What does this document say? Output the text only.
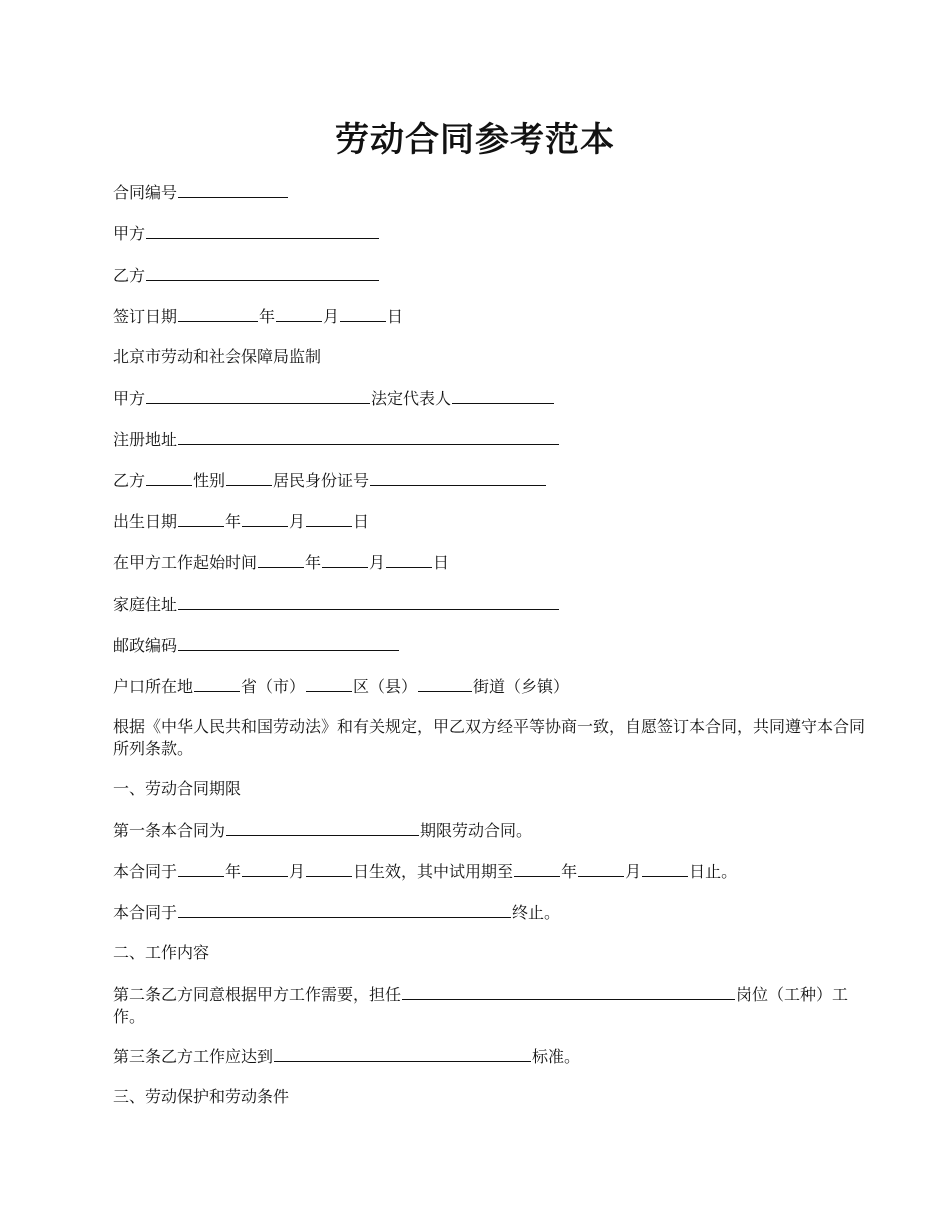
劳动合同参考范本
合同编号
甲方
乙方
签订日期	年	月	日
北京市劳动和社会保障局监制
甲方	法定代表人
注册地址
乙方	性别	居民身份证号
出生日期	年	月	日
在甲方工作起始时间	年	月	日
家庭住址
邮政编码
户口所在地	省（市）	区（县）	街道（乡镇）
根据《中华人民共和国劳动法》和有关规定，甲乙双方经平等协商一致，自愿签订本合同，共同遵守本合同所列条款。
一、劳动合同期限
第一条本合同为	期限劳动合同。
本合同于	年	月	日生效，其中试用期至	年	月	日止。
本合同于	终止。
二、工作内容
第二条乙方同意根据甲方工作需要，担任	岗位（工种）工作。
第三条乙方工作应达到	标准。
三、劳动保护和劳动条件
